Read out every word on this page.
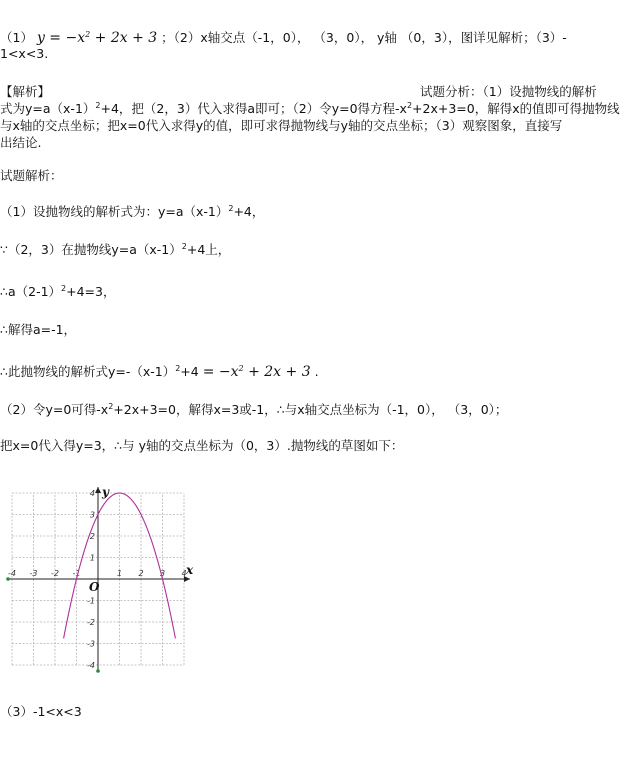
（1） $y = -x^2 + 2x + 3$ ；（2）x轴交点（-1，0）， （3，0）， y轴 （0，3），图详见解析；（3）-
1<x<3.
【解析】	试题分析：（1）设抛物线的解析
式为$y=a(x-1)^2+4$，把（2，3）代入求得a即可；（2）令y=0得方程$-x^2+2x+3=0$，解得x的值即可得抛物线
与x轴的交点坐标；把x=0代入求得y的值，即可求得抛物线与y轴的交点坐标；（3）观察图象，直接写
出结论.
试题解析：
（1）设抛物线的解析式为：$y=a(x-1)^2+4$，
∵（2，3）在抛物线$y=a(x-1)^2+4$上，
$\therefore a(2-1)^2+4=3$，
∴解得a=-1，
∴此抛物线的解析式$y=-(x-1)^2+4 = -x^2 + 2x + 3$ .
（2）令y=0可得$-x^2+2x+3=0$，解得x=3或-1，∴与x轴交点坐标为（-1，0）， （3，0）；
把x=0代入得y=3，∴与 y轴的交点坐标为（0，3）.抛物线的草图如下：
-4 -3 -2 -1	1 2 3 4
4
3
2
1
-1
-2
-3
-4
x
y
O
（3）-1<x<3
